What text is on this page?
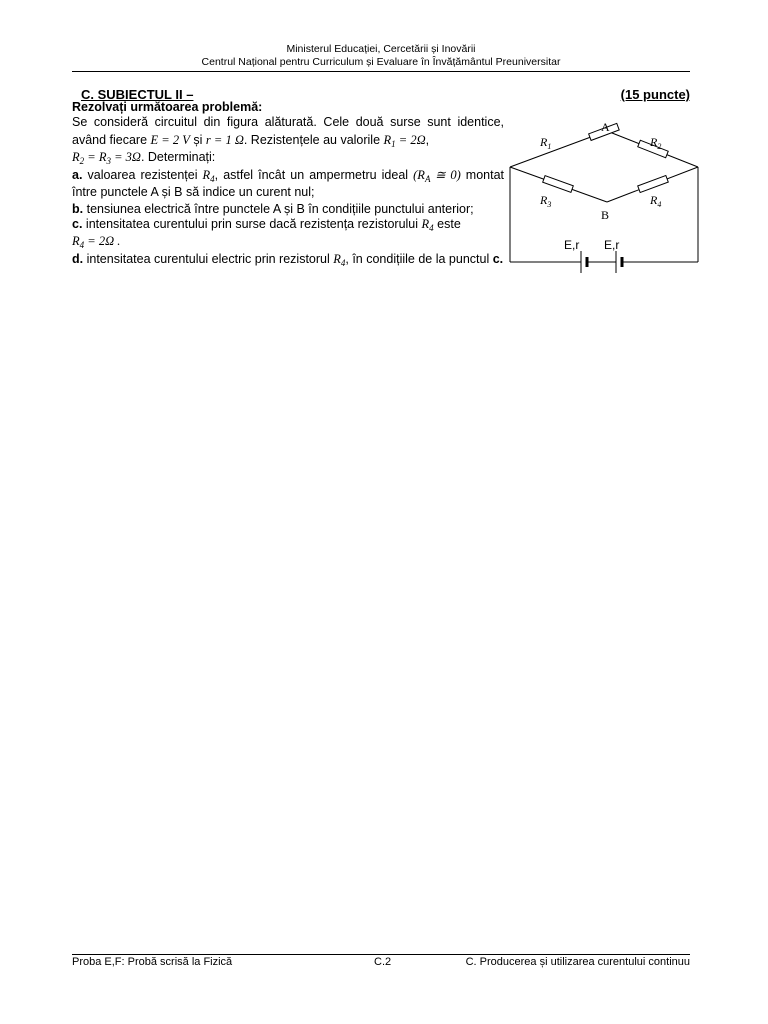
Ministerul Educației, Cercetării și Inovării
Centrul Național pentru Curriculum și Evaluare în Învățământul Preuniversitar
C. SUBIECTUL II –	(15 puncte)
Rezolvați următoarea problemă:
Se consideră circuitul din figura alăturată. Cele două surse sunt identice, având fiecare E = 2 V și r = 1 Ω. Rezistențele au valorile $R_1 = 2\Omega$,
$R_2 = R_3 = 3\Omega$. Determinați:
a. valoarea rezistenței $R_4$, astfel încât un ampermetru ideal ($R_A$ ≅ 0) montat între punctele A și B să indice un curent nul;
b. tensiunea electrică între punctele A și B în condițiile punctului anterior;
c. intensitatea curentului prin surse dacă rezistența rezistorului $R_4$ este
$R_4 = 2\Omega$ .
d. intensitatea curentului electric prin rezistorul $R_4$, în condițiile de la punctul c.
A
B
$R_1$	$R_2$
$R_3$	$R_4$
E,r E,r
Proba E,F: Probă scrisă la Fizică	C.2	C. Producerea și utilizarea curentului continuu
